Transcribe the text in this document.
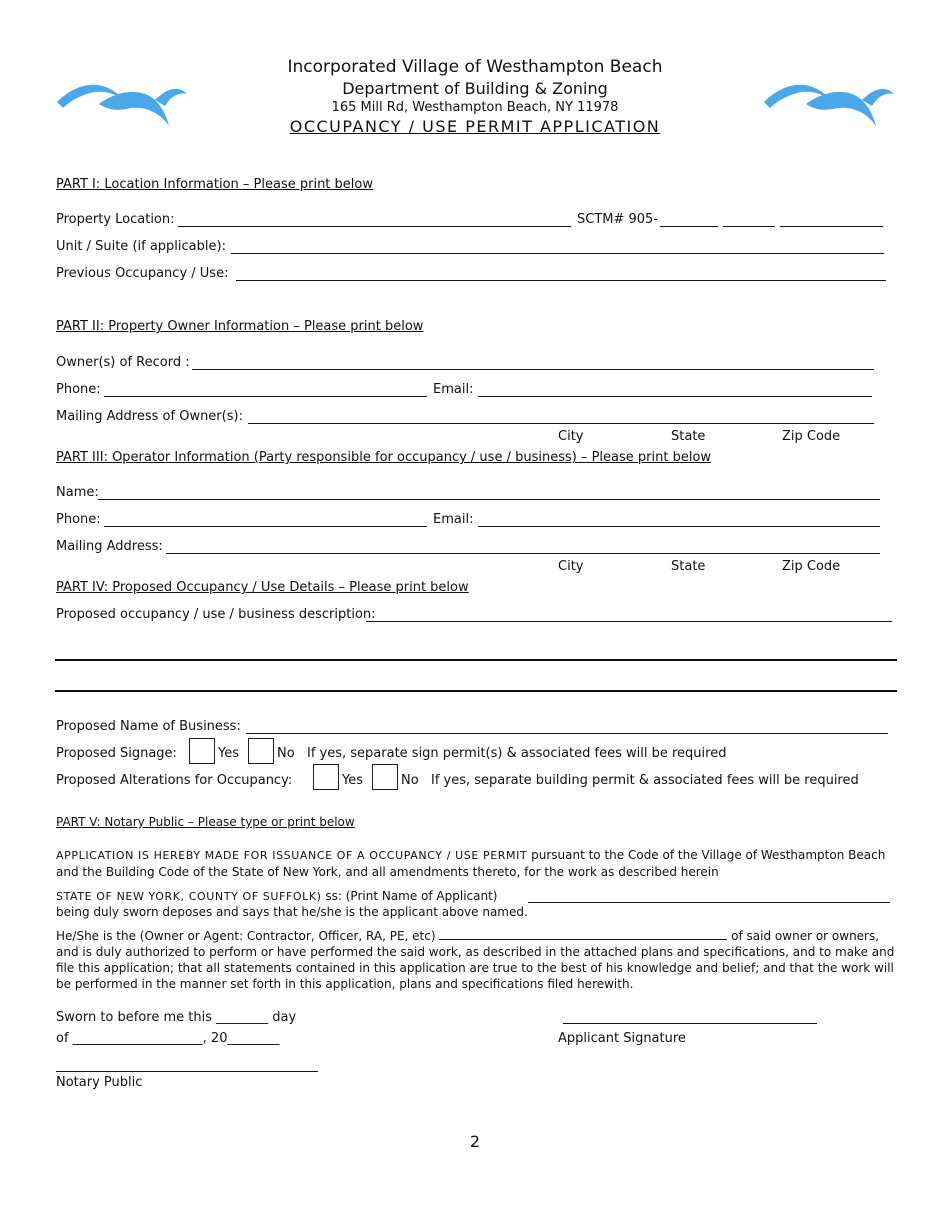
Incorporated Village of Westhampton Beach
Department of Building & Zoning
165 Mill Rd, Westhampton Beach, NY 11978
OCCUPANCY / USE PERMIT APPLICATION
PART I: Location Information – Please print below
Property Location:	SCTM# 905-
Unit / Suite (if applicable):
Previous Occupancy / Use:
PART II: Property Owner Information – Please print below
Owner(s) of Record :
Phone:	Email:
Mailing Address of Owner(s):
City	State	Zip Code
PART III: Operator Information (Party responsible for occupancy / use / business) – Please print below
Name:
Phone:	Email:
Mailing Address:
City	State	Zip Code
PART IV: Proposed Occupancy / Use Details – Please print below
Proposed occupancy / use / business description:
Proposed Name of Business:
Proposed Signage:	Yes	No If yes, separate sign permit(s) & associated fees will be required
Proposed Alterations for Occupancy:	Yes	No If yes, separate building permit & associated fees will be required
PART V: Notary Public – Please type or print below
APPLICATION IS HEREBY MADE FOR ISSUANCE OF A OCCUPANCY / USE PERMIT pursuant to the Code of the Village of Westhampton Beach and the Building Code of the State of New York, and all amendments thereto, for the work as described herein
STATE OF NEW YORK, COUNTY OF SUFFOLK) ss: (Print Name of Applicant)
being duly sworn deposes and says that he/she is the applicant above named.
He/She is the (Owner or Agent: Contractor, Officer, RA, PE, etc)	of said owner or owners, and is duly authorized to perform or have performed the said work, as described in the attached plans and specifications, and to make and file this application; that all statements contained in this application are true to the best of his knowledge and belief; and that the work will be performed in the manner set forth in this application, plans and specifications filed herewith.
Sworn to before me this ________ day
of ____________________, 20________	Applicant Signature
Notary Public
2
